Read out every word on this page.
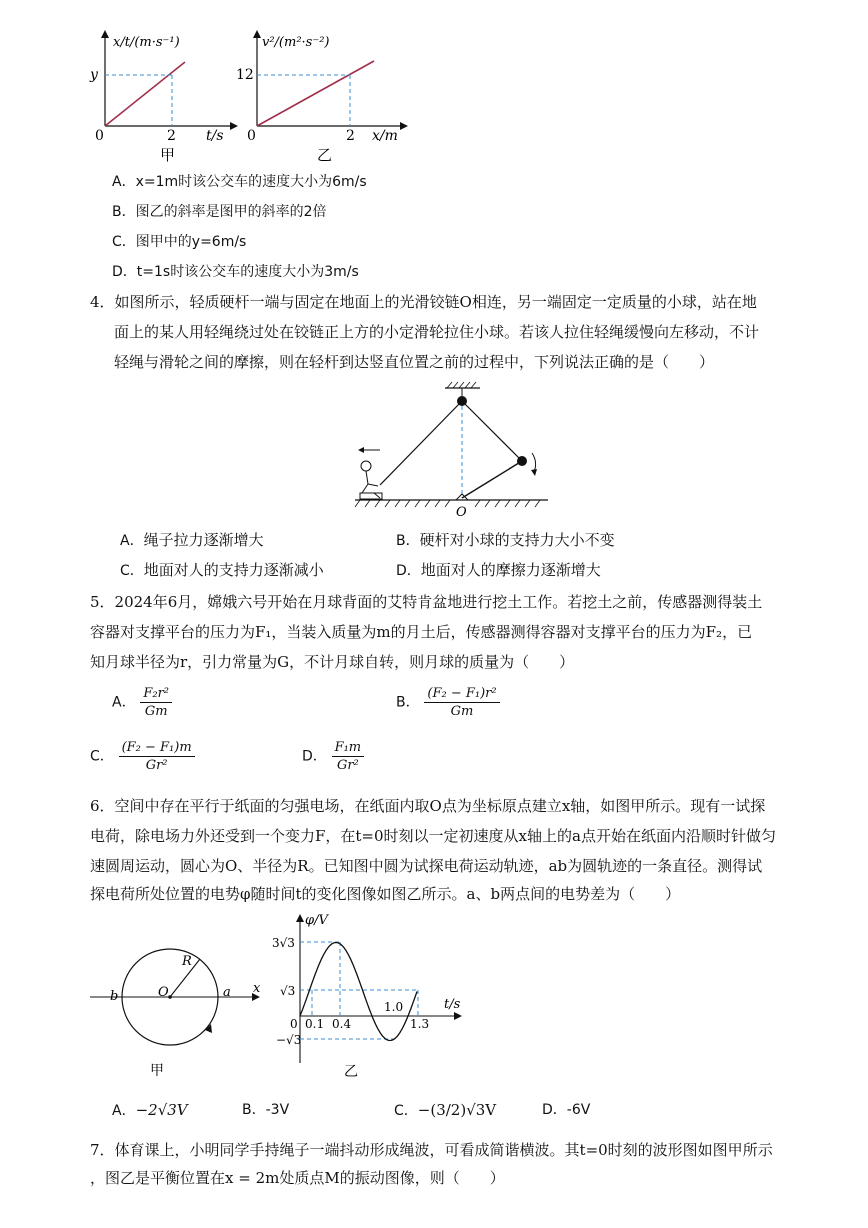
x/t/(m·s⁻¹)
y
0	2 t/s
甲
v²/(m²·s⁻²)
12
0	2 x/m
乙
A．x=1m时该公交车的速度大小为6m/s
B．图乙的斜率是图甲的斜率的2倍
C．图甲中的y=6m/s
D．t=1s时该公交车的速度大小为3m/s
4．如图所示，轻质硬杆一端与固定在地面上的光滑铰链O相连，另一端固定一定质量的小球，站在地
面上的某人用轻绳绕过处在铰链正上方的小定滑轮拉住小球。若该人拉住轻绳缓慢向左移动，不计
轻绳与滑轮之间的摩擦，则在轻杆到达竖直位置之前的过程中，下列说法正确的是（　　）
O
A．绳子拉力逐渐增大	B．硬杆对小球的支持力大小不变
C．地面对人的支持力逐渐减小	D．地面对人的摩擦力逐渐增大
5．2024年6月，嫦娥六号开始在月球背面的艾特肯盆地进行挖土工作。若挖土之前，传感器测得装土
容器对支撑平台的压力为F₁，当装入质量为m的月土后，传感器测得容器对支撑平台的压力为F₂，已
知月球半径为r，引力常量为G，不计月球自转，则月球的质量为（　　）
A． $\frac{\text{F₂r²}}{Gm}$	B． $\frac{\text{(F₂ − F₁)r²}}{Gm}$
C． $\frac{\text{(F₂ − F₁)m}}{\text{Gr²}}$	D． $\frac{\text{F₁m}}{\text{Gr²}}$
6．空间中存在平行于纸面的匀强电场，在纸面内取O点为坐标原点建立x轴，如图甲所示。现有一试探
电荷，除电场力外还受到一个变力F，在t=0时刻以一定初速度从x轴上的a点开始在纸面内沿顺时针做匀
速圆周运动，圆心为O、半径为R。已知图中圆为试探电荷运动轨迹，ab为圆轨迹的一条直径。测得试
探电荷所处位置的电势φ随时间t的变化图像如图乙所示。a、b两点间的电势差为（　　）
b	O
R
a x
甲
φ/V
3√3
√3
−√3
0 0.1 0.4
1.0
1.3
t/s
乙
A．−2√3V	B．-3V	C．−(3/2)√3V	D．-6V
7．体育课上，小明同学手持绳子一端抖动形成绳波，可看成简谐横波。其t=0时刻的波形图如图甲所示
，图乙是平衡位置在x = 2m处质点M的振动图像，则（　　）
